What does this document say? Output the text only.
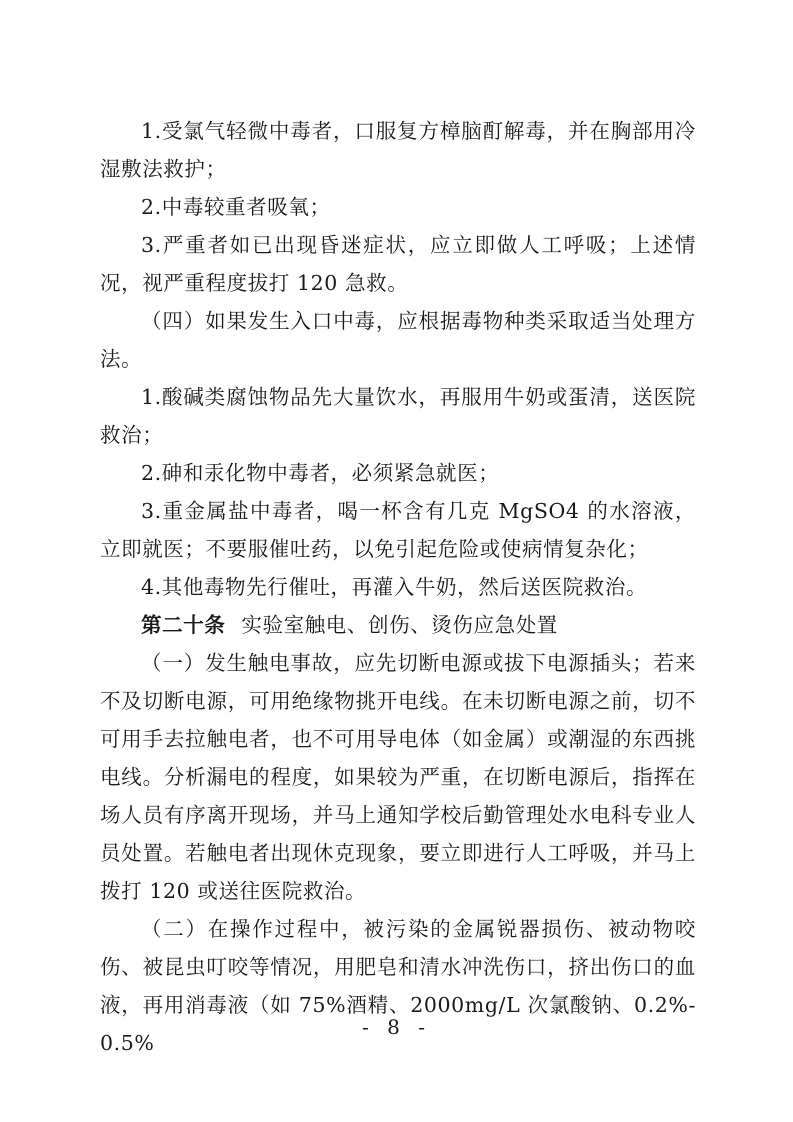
1.受氯气轻微中毒者，口服复方樟脑酊解毒，并在胸部用冷湿敷法救护；

2.中毒较重者吸氧；

3.严重者如已出现昏迷症状，应立即做人工呼吸；上述情况，视严重程度拔打 120 急救。

（四）如果发生入口中毒，应根据毒物种类采取适当处理方法。

1.酸碱类腐蚀物品先大量饮水，再服用牛奶或蛋清，送医院救治；

2.砷和汞化物中毒者，必须紧急就医；

3.重金属盐中毒者，喝一杯含有几克 MgSO4 的水溶液，立即就医；不要服催吐药，以免引起危险或使病情复杂化；

4.其他毒物先行催吐，再灌入牛奶，然后送医院救治。

第二十条 实验室触电、创伤、烫伤应急处置

（一）发生触电事故，应先切断电源或拔下电源插头；若来不及切断电源，可用绝缘物挑开电线。在未切断电源之前，切不可用手去拉触电者，也不可用导电体（如金属）或潮湿的东西挑电线。分析漏电的程度，如果较为严重，在切断电源后，指挥在场人员有序离开现场，并马上通知学校后勤管理处水电科专业人员处置。若触电者出现休克现象，要立即进行人工呼吸，并马上拨打 120 或送往医院救治。

（二）在操作过程中，被污染的金属锐器损伤、被动物咬伤、被昆虫叮咬等情况，用肥皂和清水冲洗伤口，挤出伤口的血液，再用消毒液（如 75%酒精、2000mg/L 次氯酸钠、0.2%-0.5%

- 8 -
